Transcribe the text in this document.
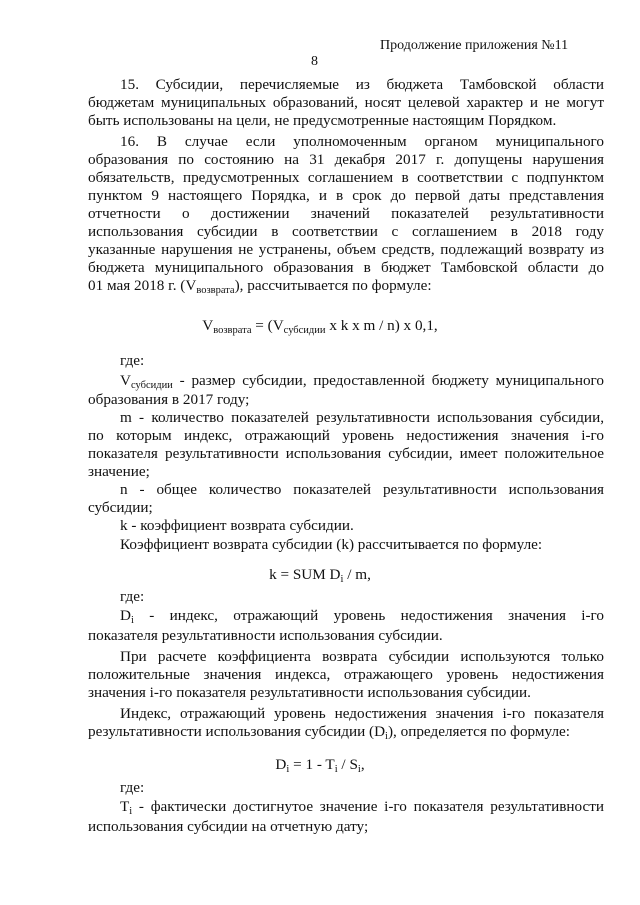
Продолжение приложения №11
8
15. Субсидии, перечисляемые из бюджета Тамбовской области
бюджетам муниципальных образований, носят целевой характер и не могут
быть использованы на цели, не предусмотренные настоящим Порядком.
16. В случае если уполномоченным органом муниципального
образования по состоянию на 31 декабря 2017 г. допущены нарушения
обязательств, предусмотренных соглашением в соответствии с подпунктом
пунктом 9 настоящего Порядка, и в срок до первой даты представления
отчетности о достижении значений показателей результативности
использования субсидии в соответствии с соглашением в 2018 году
указанные нарушения не устранены, объем средств, подлежащий возврату из
бюджета муниципального образования в бюджет Тамбовской области до
01 мая 2018 г. $(V_{возврата})$, рассчитывается по формуле:
$V_{возврата} = (V_{субсидии}$ x k x m / n) x 0,1,
где:
$V_{субсидии}$ - размер субсидии, предоставленной бюджету муниципального
образования в 2017 году;
m - количество показателей результативности использования субсидии,
по которым индекс, отражающий уровень недостижения значения i-го
показателя результативности использования субсидии, имеет положительное
значение;
n - общее количество показателей результативности использования
субсидии;
k - коэффициент возврата субсидии.
Коэффициент возврата субсидии (k) рассчитывается по формуле:
k = SUM $D_i$ / m,
где:
$D_i$ - индекс, отражающий уровень недостижения значения i-го
показателя результативности использования субсидии.
При расчете коэффициента возврата субсидии используются только
положительные значения индекса, отражающего уровень недостижения
значения i-го показателя результативности использования субсидии.
Индекс, отражающий уровень недостижения значения i-го показателя
результативности использования субсидии $(D_i)$, определяется по формуле:
$D_i = 1 - T_i / S_i$,
где:
$T_i$ - фактически достигнутое значение i-го показателя результативности
использования субсидии на отчетную дату;
